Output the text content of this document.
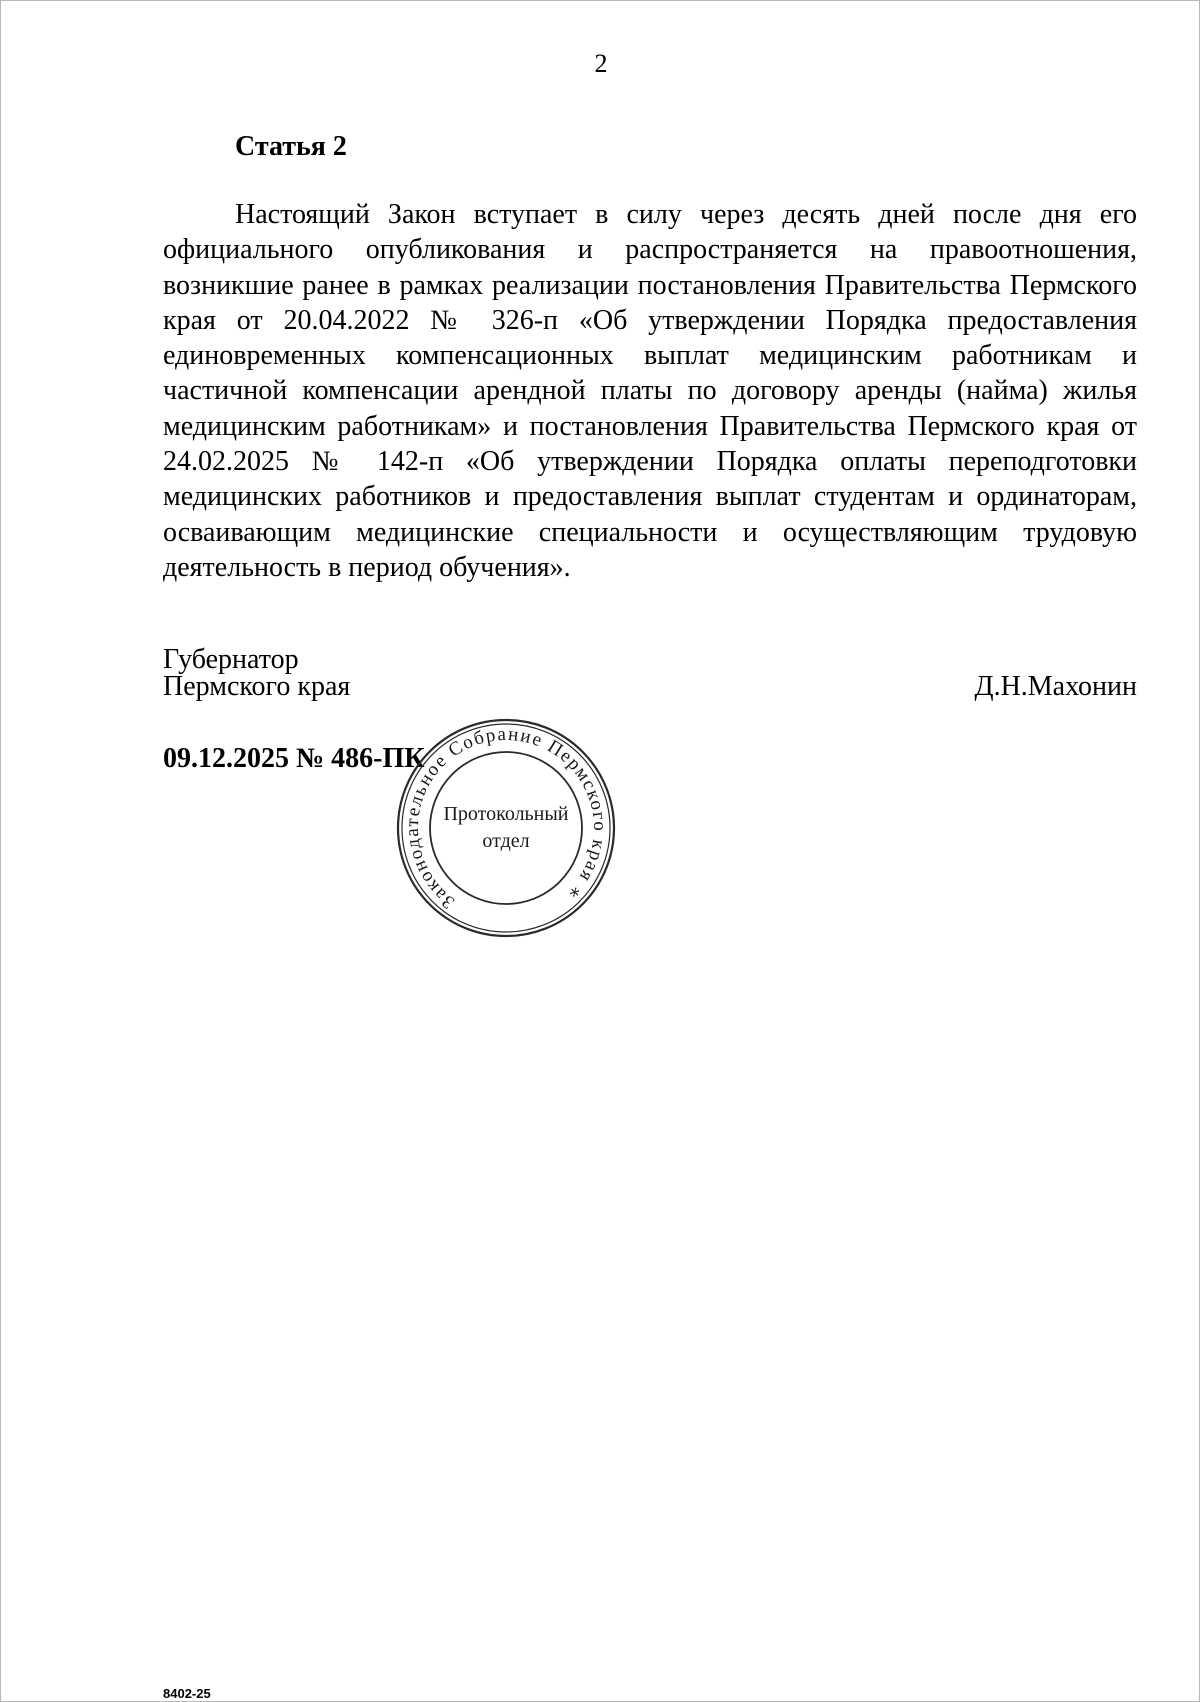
2
Статья 2

Настоящий Закон вступает в силу через десять дней после дня его официального опубликования и распространяется на правоотношения, возникшие ранее в рамках реализации постановления Правительства Пермского края от 20.04.2022 № 326-п «Об утверждении Порядка предоставления единовременных компенсационных выплат медицинским работникам и частичной компенсации арендной платы по договору аренды (найма) жилья медицинским работникам» и постановления Правительства Пермского края от 24.02.2025 № 142-п «Об утверждении Порядка оплаты переподготовки медицинских работников и предоставления выплат студентам и ординаторам, осваивающим медицинские специальности и осуществляющим трудовую деятельность в период обучения».

Губернатор
Пермского края	Д.Н.Махонин
09.12.2025 № 486-ПК
Законодательное Собрание Пермского края ∗
Протокольный
отдел
8402-25
